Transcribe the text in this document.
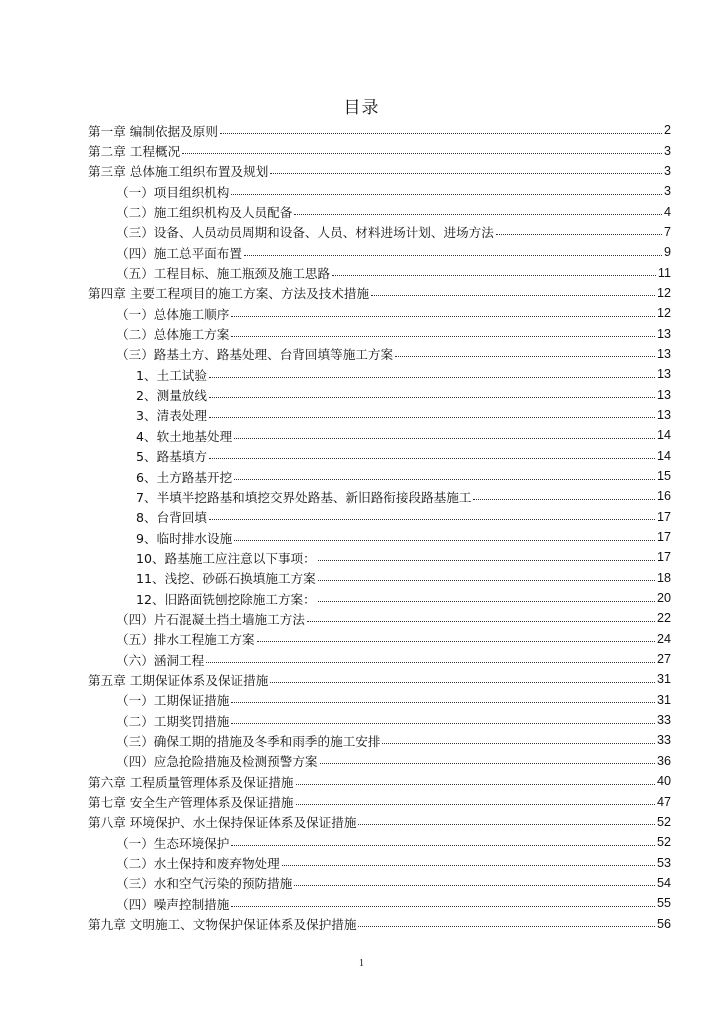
目录
第一章 编制依据及原则	2
第二章 工程概况	3
第三章 总体施工组织布置及规划	3
（一）项目组织机构	3
（二）施工组织机构及人员配备	4
（三）设备、人员动员周期和设备、人员、材料进场计划、进场方法	7
（四）施工总平面布置	9
（五）工程目标、施工瓶颈及施工思路	11
第四章 主要工程项目的施工方案、方法及技术措施	12
（一）总体施工顺序	12
（二）总体施工方案	13
（三）路基土方、路基处理、台背回填等施工方案	13
1、土工试验	13
2、测量放线	13
3、清表处理	13
4、软土地基处理	14
5、路基填方	14
6、土方路基开挖	15
7、半填半挖路基和填挖交界处路基、新旧路衔接段路基施工	16
8、台背回填	17
9、临时排水设施	17
10、路基施工应注意以下事项：	17
11、浅挖、砂砾石换填施工方案	18
12、旧路面铣刨挖除施工方案：	20
（四）片石混凝土挡土墙施工方法	22
（五）排水工程施工方案	24
（六）涵洞工程	27
第五章 工期保证体系及保证措施	31
（一）工期保证措施	31
（二）工期奖罚措施	33
（三）确保工期的措施及冬季和雨季的施工安排	33
（四）应急抢险措施及检测预警方案	36
第六章 工程质量管理体系及保证措施	40
第七章 安全生产管理体系及保证措施	47
第八章 环境保护、水土保持保证体系及保证措施	52
（一）生态环境保护	52
（二）水土保持和废弃物处理	53
（三）水和空气污染的预防措施	54
（四）噪声控制措施	55
第九章 文明施工、文物保护保证体系及保护措施	56
1
